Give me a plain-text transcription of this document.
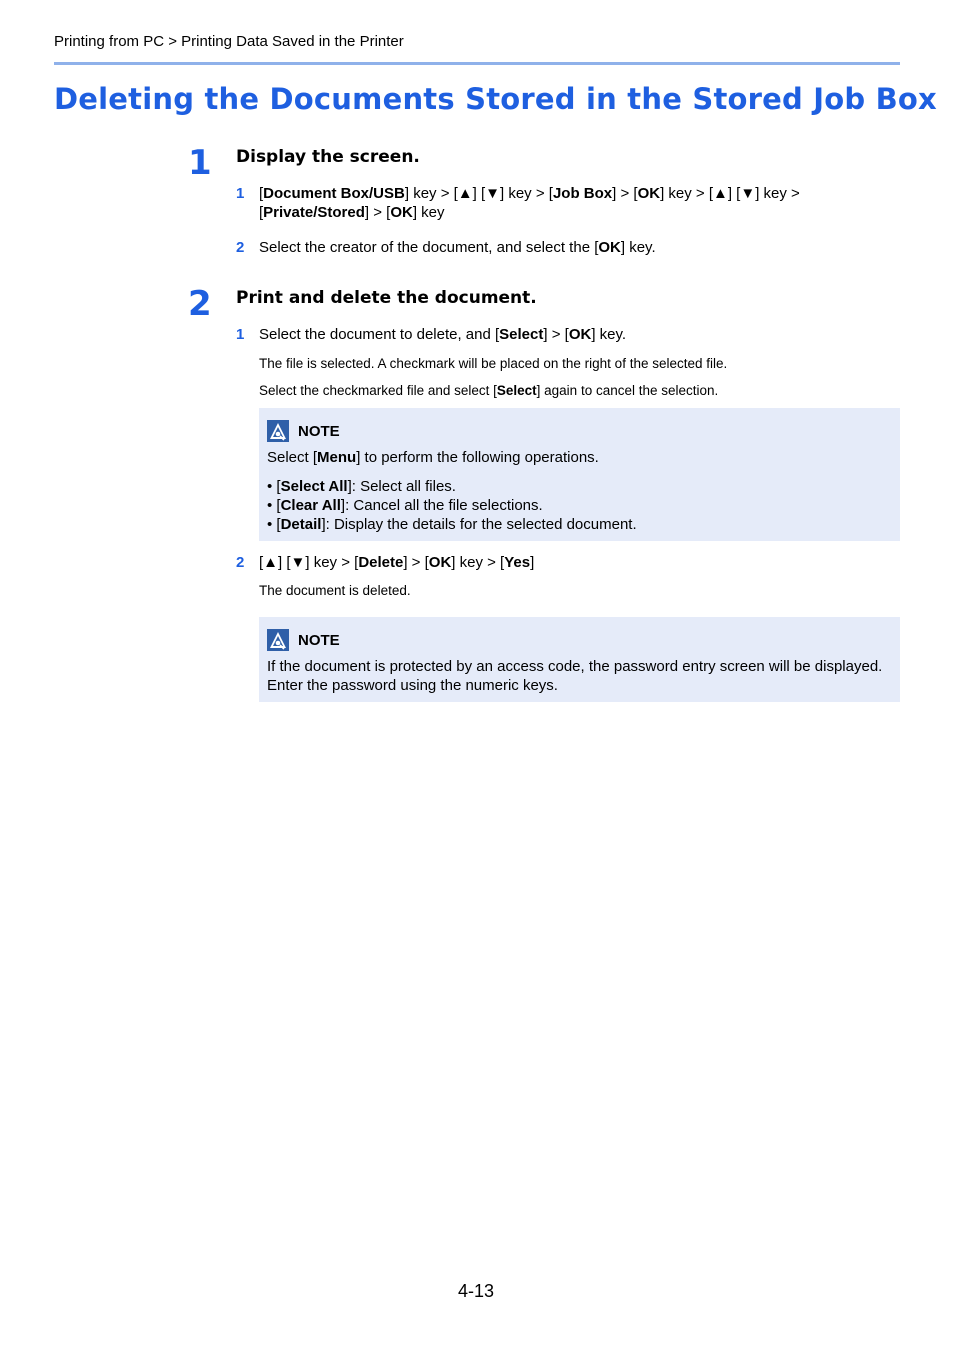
Printing from PC > Printing Data Saved in the Printer
Deleting the Documents Stored in the Stored Job Box
1 Display the screen.
1 [Document Box/USB] key > [▲] [▼] key > [Job Box] > [OK] key > [▲] [▼] key > [Private/Stored] > [OK] key
2 Select the creator of the document, and select the [OK] key.
2 Print and delete the document.
1 Select the document to delete, and [Select] > [OK] key.
The file is selected. A checkmark will be placed on the right of the selected file.
Select the checkmarked file and select [Select] again to cancel the selection.
NOTE
Select [Menu] to perform the following operations.
• [Select All]: Select all files.
• [Clear All]: Cancel all the file selections.
• [Detail]: Display the details for the selected document.
2 [▲] [▼] key > [Delete] > [OK] key > [Yes]
The document is deleted.
NOTE
If the document is protected by an access code, the password entry screen will be displayed. Enter the password using the numeric keys.
4-13
